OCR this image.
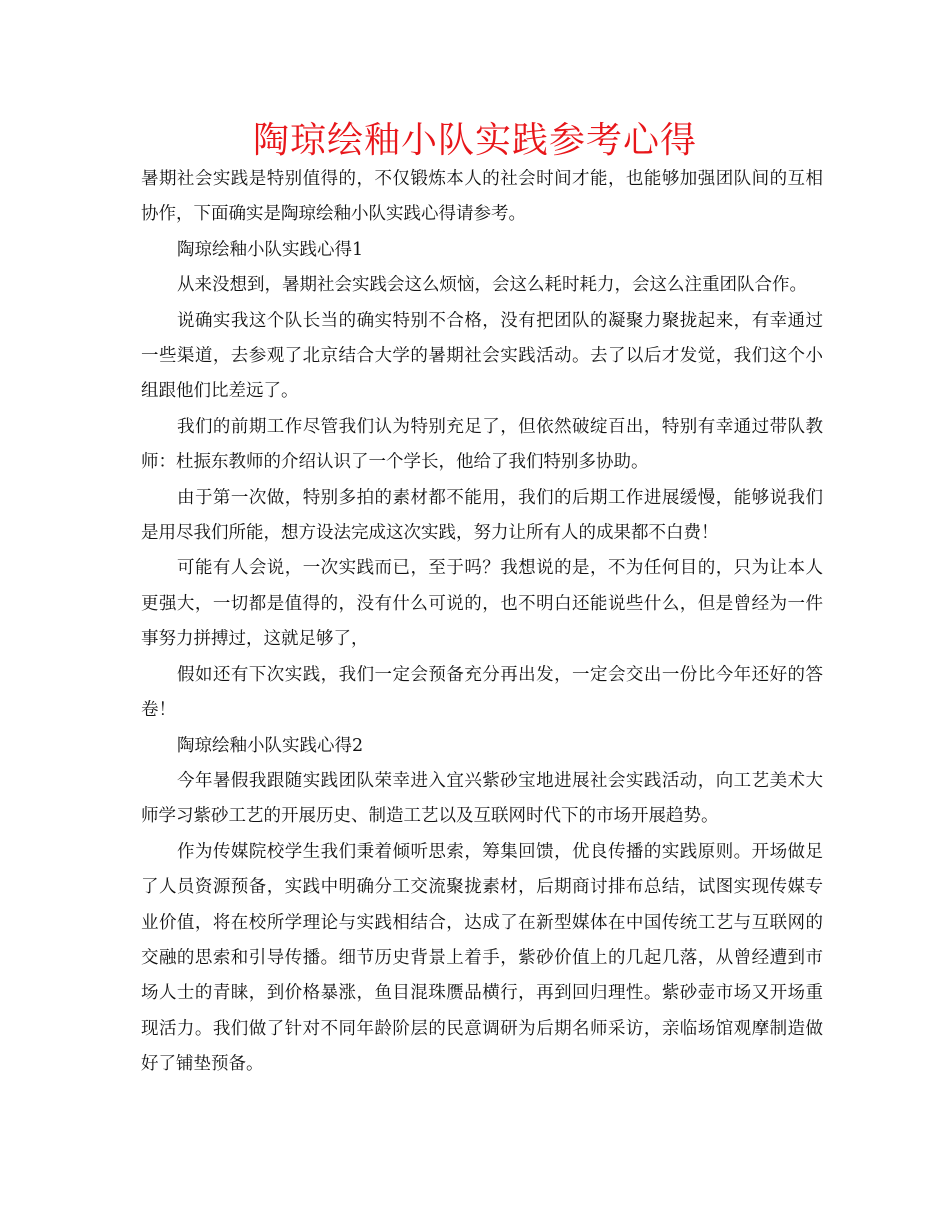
陶琼绘釉小队实践参考心得

暑期社会实践是特别值得的，不仅锻炼本人的社会时间才能，也能够加强团队间的互相协作，下面确实是陶琼绘釉小队实践心得请参考。

陶琼绘釉小队实践心得1

从来没想到，暑期社会实践会这么烦恼，会这么耗时耗力，会这么注重团队合作。

说确实我这个队长当的确实特别不合格，没有把团队的凝聚力聚拢起来，有幸通过一些渠道，去参观了北京结合大学的暑期社会实践活动。去了以后才发觉，我们这个小组跟他们比差远了。

我们的前期工作尽管我们认为特别充足了，但依然破绽百出，特别有幸通过带队教师：杜振东教师的介绍认识了一个学长，他给了我们特别多协助。

由于第一次做，特别多拍的素材都不能用，我们的后期工作进展缓慢，能够说我们是用尽我们所能，想方设法完成这次实践，努力让所有人的成果都不白费！

可能有人会说，一次实践而已，至于吗？我想说的是，不为任何目的，只为让本人更强大，一切都是值得的，没有什么可说的，也不明白还能说些什么，但是曾经为一件事努力拼搏过，这就足够了，

假如还有下次实践，我们一定会预备充分再出发，一定会交出一份比今年还好的答卷！

陶琼绘釉小队实践心得2

今年暑假我跟随实践团队荣幸进入宜兴紫砂宝地进展社会实践活动，向工艺美术大师学习紫砂工艺的开展历史、制造工艺以及互联网时代下的市场开展趋势。

作为传媒院校学生我们秉着倾听思索，筹集回馈，优良传播的实践原则。开场做足了人员资源预备，实践中明确分工交流聚拢素材，后期商讨排布总结，试图实现传媒专业价值，将在校所学理论与实践相结合，达成了在新型媒体在中国传统工艺与互联网的交融的思索和引导传播。细节历史背景上着手，紫砂价值上的几起几落，从曾经遭到市场人士的青睐，到价格暴涨，鱼目混珠赝品横行，再到回归理性。紫砂壶市场又开场重现活力。我们做了针对不同年龄阶层的民意调研为后期名师采访，亲临场馆观摩制造做好了铺垫预备。
